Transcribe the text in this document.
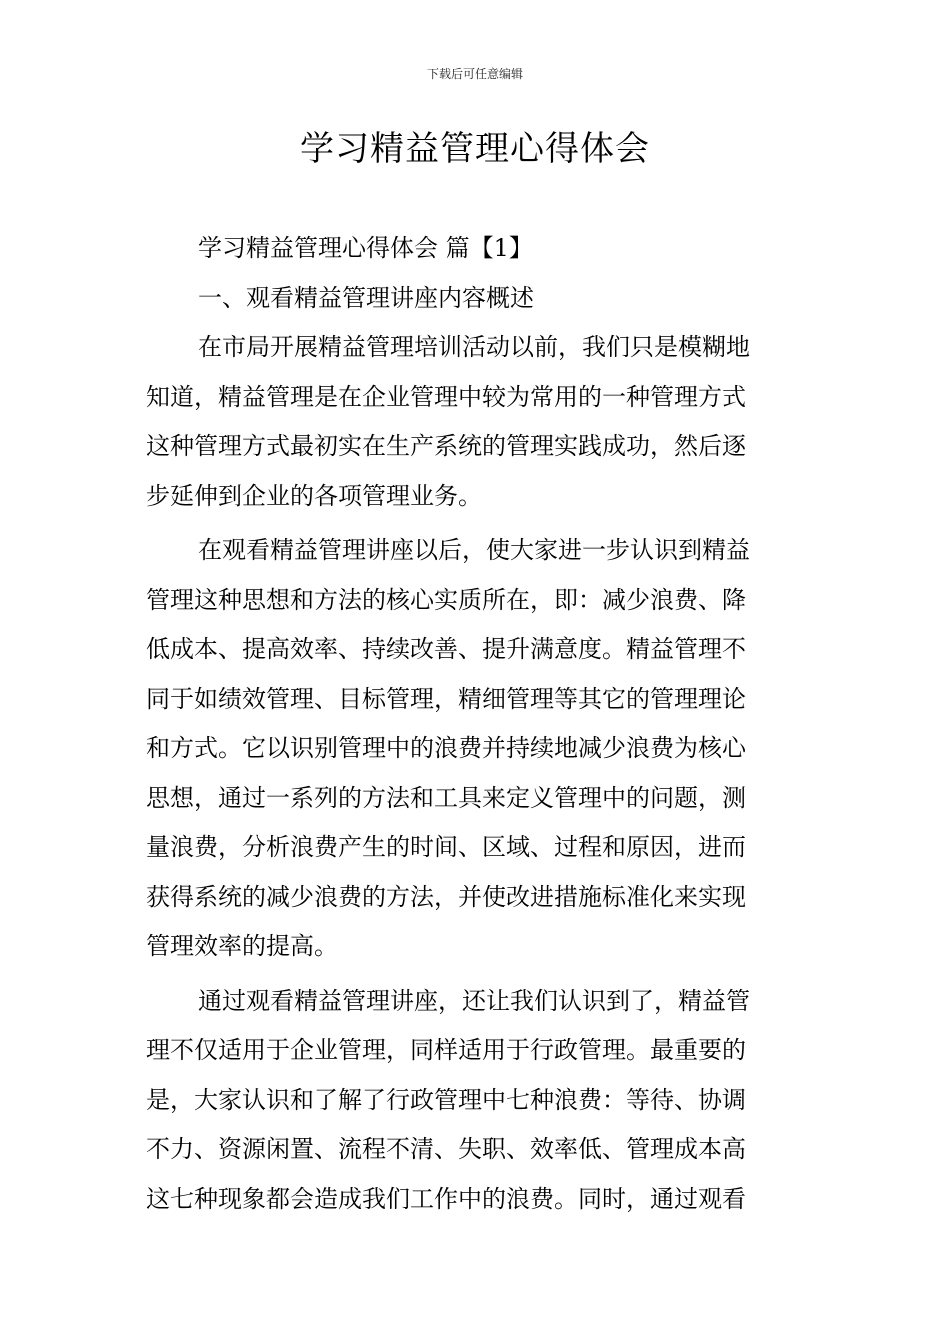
下载后可任意编辑
学习精益管理心得体会
学习精益管理心得体会 篇【1】
一、观看精益管理讲座内容概述
在市局开展精益管理培训活动以前，我们只是模糊地
知道，精益管理是在企业管理中较为常用的一种管理方式
这种管理方式最初实在生产系统的管理实践成功，然后逐
步延伸到企业的各项管理业务。
在观看精益管理讲座以后，使大家进一步认识到精益
管理这种思想和方法的核心实质所在，即：减少浪费、降
低成本、提高效率、持续改善、提升满意度。精益管理不
同于如绩效管理、目标管理，精细管理等其它的管理理论
和方式。它以识别管理中的浪费并持续地减少浪费为核心
思想，通过一系列的方法和工具来定义管理中的问题，测
量浪费，分析浪费产生的时间、区域、过程和原因，进而
获得系统的减少浪费的方法，并使改进措施标准化来实现
管理效率的提高。
通过观看精益管理讲座，还让我们认识到了，精益管
理不仅适用于企业管理，同样适用于行政管理。最重要的
是，大家认识和了解了行政管理中七种浪费：等待、协调
不力、资源闲置、流程不清、失职、效率低、管理成本高
这七种现象都会造成我们工作中的浪费。同时，通过观看
